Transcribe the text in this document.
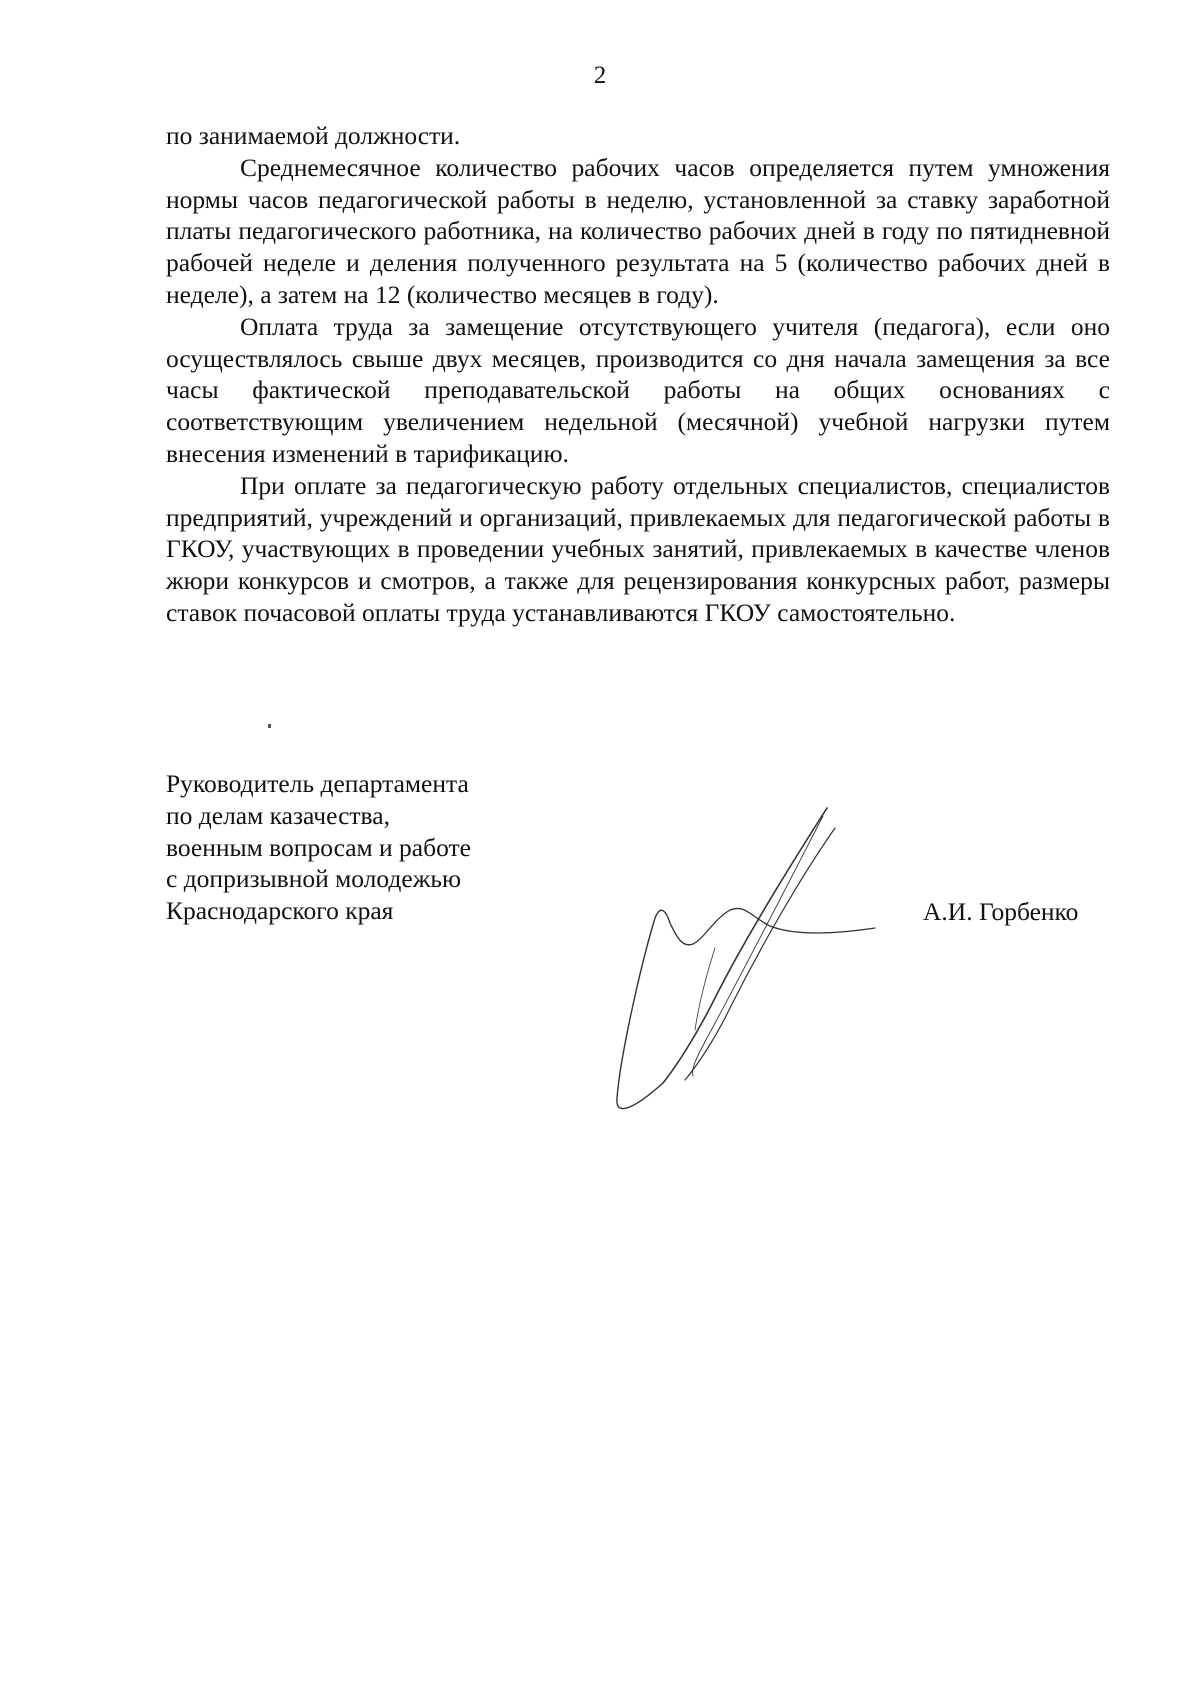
2

по занимаемой должности.

Среднемесячное количество рабочих часов определяется путем умножения нормы часов педагогической работы в неделю, установленной за ставку заработной платы педагогического работника, на количество рабочих дней в году по пятидневной рабочей неделе и деления полученного результата на 5 (количество рабочих дней в неделе), а затем на 12 (количество месяцев в году).

Оплата труда за замещение отсутствующего учителя (педагога), если оно осуществлялось свыше двух месяцев, производится со дня начала замещения за все часы фактической преподавательской работы на общих основаниях с соответствующим увеличением недельной (месячной) учебной нагрузки путем внесения изменений в тарификацию.

При оплате за педагогическую работу отдельных специалистов, специалистов предприятий, учреждений и организаций, привлекаемых для педагогической работы в ГКОУ, участвующих в проведении учебных занятий, привлекаемых в качестве членов жюри конкурсов и смотров, а также для рецензирования конкурсных работ, размеры ставок почасовой оплаты труда устанавливаются ГКОУ самостоятельно.

Руководитель департамента
по делам казачества,
военным вопросам и работе
с допризывной молодежью
Краснодарского края	А.И. Горбенко
